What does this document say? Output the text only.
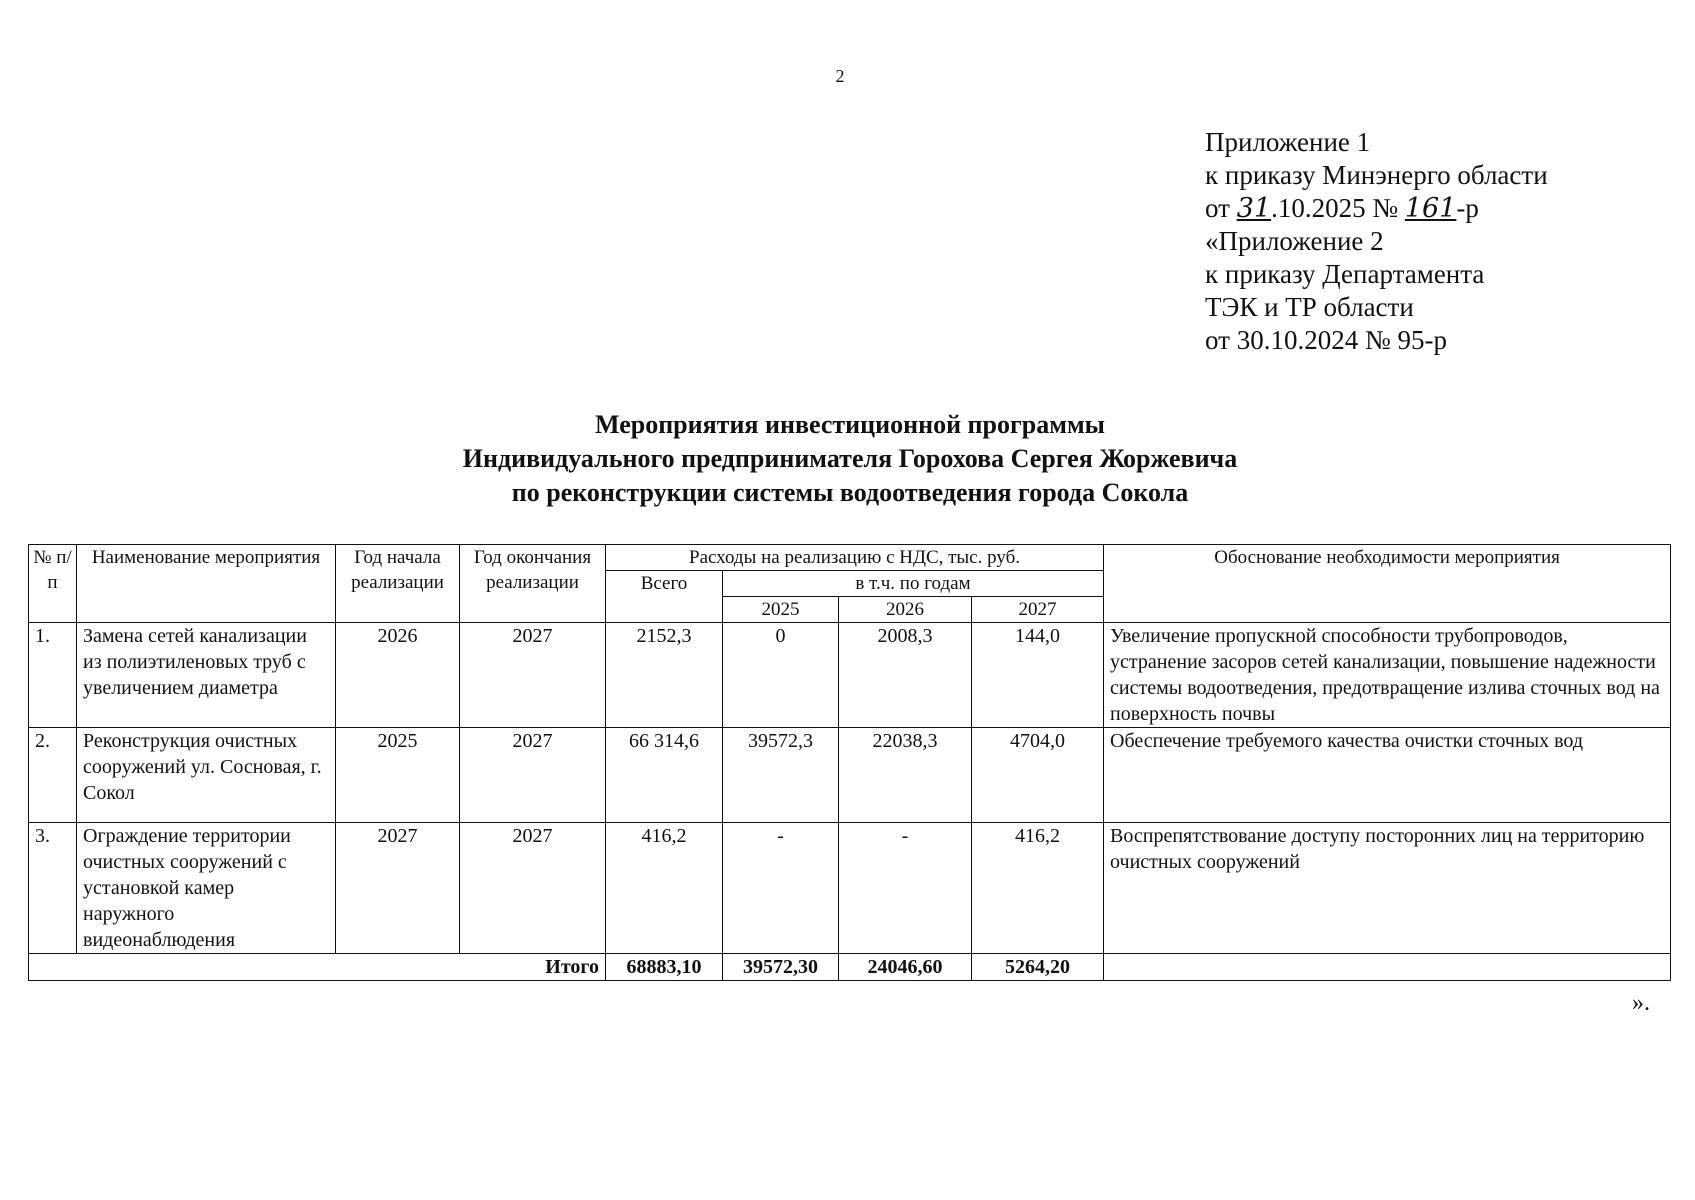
2
Приложение 1
к приказу Минэнерго области
от 31.10.2025 № 161-р
«Приложение 2
к приказу Департамента
ТЭК и ТР области
от 30.10.2024 № 95-р
Мероприятия инвестиционной программы
Индивидуального предпринимателя Горохова Сергея Жоржевича
по реконструкции системы водоотведения города Сокола
№ п/ п	Наименование мероприятия	Год начала реализации	Год окончания реализации	Расходы на реализацию с НДС, тыс. руб.				Обоснование необходимости мероприятия
				Всего	в т.ч. по годам			
					2025	2026	2027	
1.	Замена сетей канализации из полиэтиленовых труб с увеличением диаметра	2026	2027	2152,3	0	2008,3	144,0	Увеличение пропускной способности трубопроводов, устранение засоров сетей канализации, повышение надежности системы водоотведения, предотвращение излива сточных вод на поверхность почвы
2.	Реконструкция очистных сооружений ул. Сосновая, г. Сокол	2025	2027	66 314,6	39572,3	22038,3	4704,0	Обеспечение требуемого качества очистки сточных вод
3.	Ограждение территории очистных сооружений с установкой камер наружного видеонаблюдения	2027	2027	416,2	-	-	416,2	Воспрепятствование доступу посторонних лиц на территорию очистных сооружений
Итого				68883,10	39572,30	24046,60	5264,20	
».
